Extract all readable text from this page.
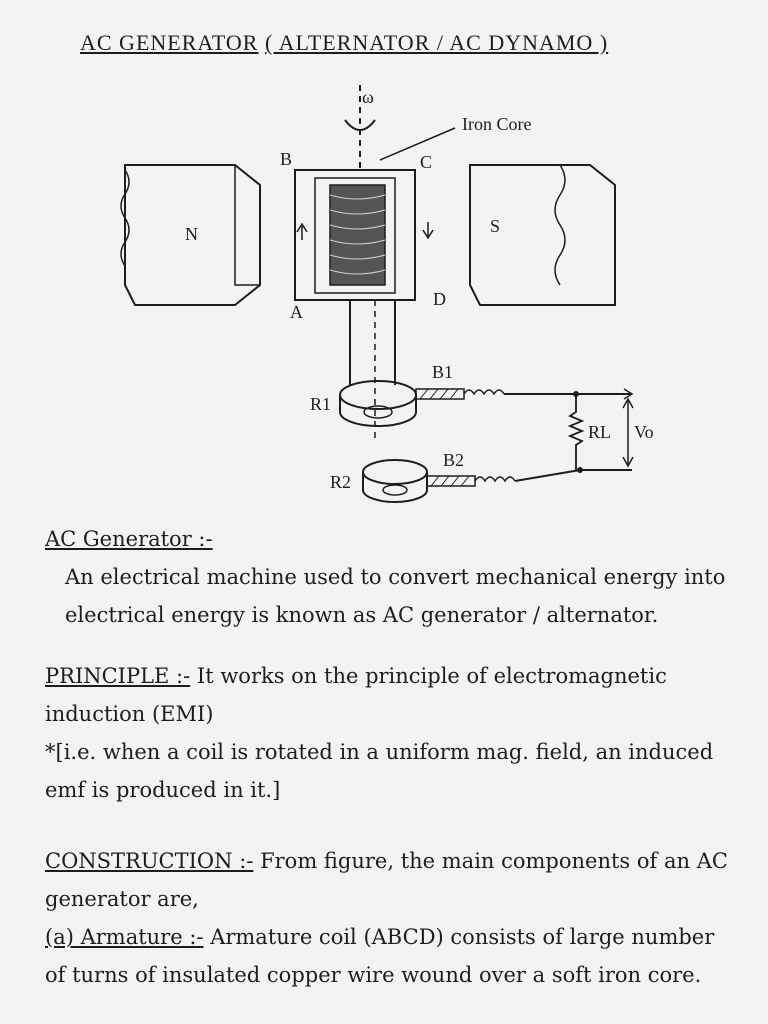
AC GENERATOR ( ALTERNATOR / AC DYNAMO )
ω
N	S
B	C
A
D
Iron Core
R1
R2
B1
B2
RL Vo
AC Generator :-
An electrical machine used to convert mechanical energy into electrical energy is known as AC generator / alternator.
PRINCIPLE :- It works on the principle of electromagnetic induction (EMI)
*[i.e. when a coil is rotated in a uniform mag. field, an induced emf is produced in it.]
CONSTRUCTION :- From figure, the main components of an AC generator are,
(a) Armature :- Armature coil (ABCD) consists of large number of turns of insulated copper wire wound over a soft iron core.
